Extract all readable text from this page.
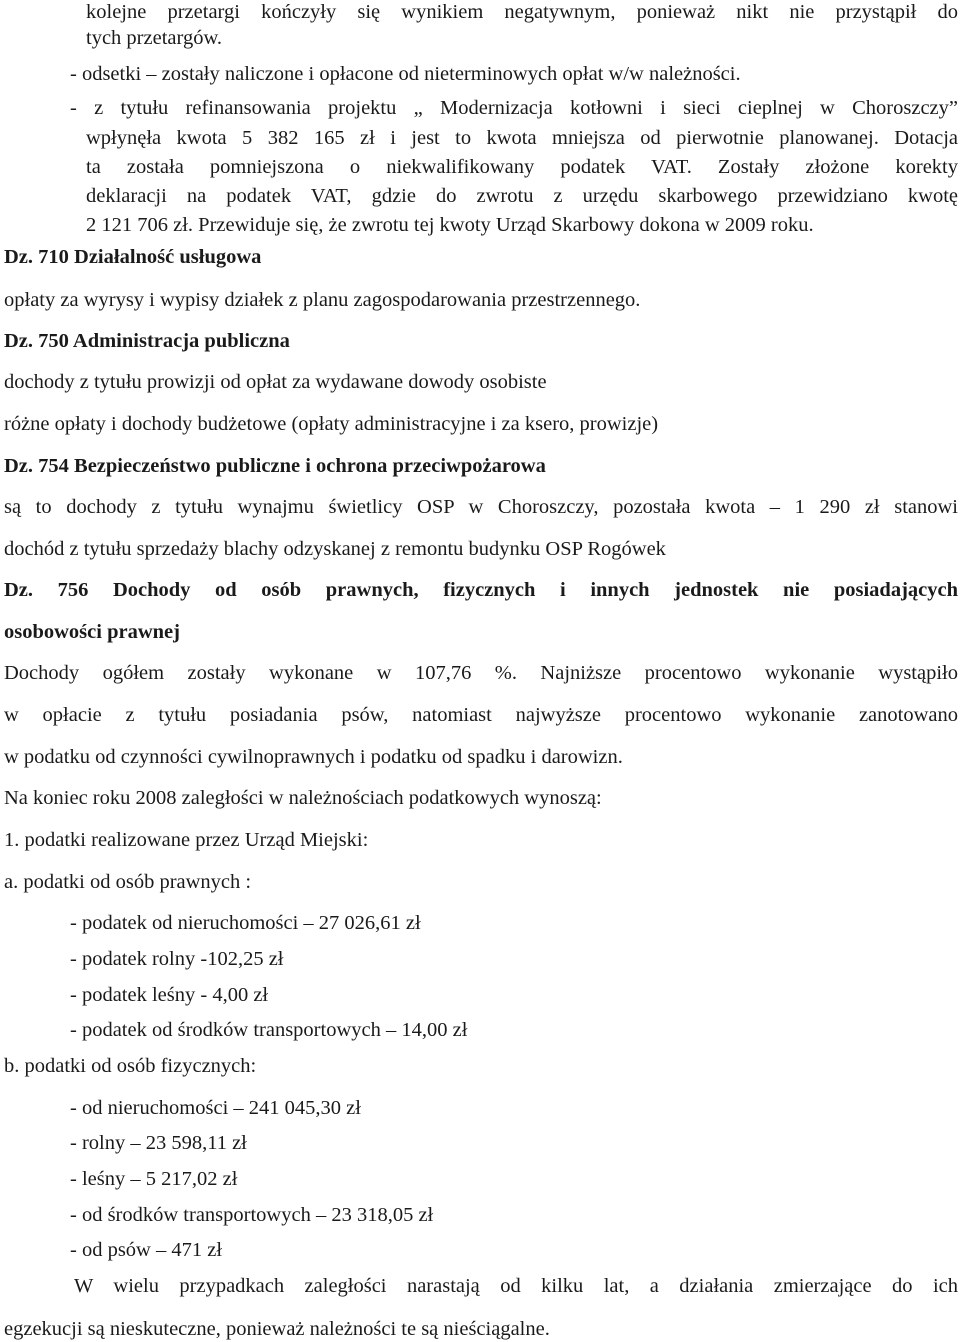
kolejne przetargi kończyły się wynikiem negatywnym, ponieważ nikt nie przystąpił do
tych przetargów.
- odsetki – zostały naliczone i opłacone od nieterminowych opłat w/w należności.
- z tytułu refinansowania projektu „ Modernizacja kotłowni i sieci cieplnej w Choroszczy”
wpłynęła kwota 5 382 165 zł i jest to kwota mniejsza od pierwotnie planowanej. Dotacja
ta została pomniejszona o niekwalifikowany podatek VAT. Zostały złożone korekty
deklaracji na podatek VAT, gdzie do zwrotu z urzędu skarbowego przewidziano kwotę
2 121 706 zł. Przewiduje się, że zwrotu tej kwoty Urząd Skarbowy dokona w 2009 roku.
Dz. 710 Działalność usługowa
opłaty za wyrysy i wypisy działek z planu zagospodarowania przestrzennego.
Dz. 750 Administracja publiczna
dochody z tytułu prowizji od opłat za wydawane dowody osobiste
różne opłaty i dochody budżetowe (opłaty administracyjne i za ksero, prowizje)
Dz. 754 Bezpieczeństwo publiczne i ochrona przeciwpożarowa
są to dochody z tytułu wynajmu świetlicy OSP w Choroszczy, pozostała kwota – 1 290 zł stanowi
dochód z tytułu sprzedaży blachy odzyskanej z remontu budynku OSP Rogówek
Dz. 756 Dochody od osób prawnych, fizycznych i innych jednostek nie posiadających
osobowości prawnej
Dochody ogółem zostały wykonane w 107,76 %. Najniższe procentowo wykonanie wystąpiło
w opłacie z tytułu posiadania psów, natomiast najwyższe procentowo wykonanie zanotowano
w podatku od czynności cywilnoprawnych i podatku od spadku i darowizn.
Na koniec roku 2008 zaległości w należnościach podatkowych wynoszą:
1. podatki realizowane przez Urząd Miejski:
a. podatki od osób prawnych :
- podatek od nieruchomości – 27 026,61 zł
- podatek rolny -102,25 zł
- podatek leśny - 4,00 zł
- podatek od środków transportowych – 14,00 zł
b. podatki od osób fizycznych:
- od nieruchomości – 241 045,30 zł
- rolny – 23 598,11 zł
- leśny – 5 217,02 zł
- od środków transportowych – 23 318,05 zł
- od psów – 471 zł
W wielu przypadkach zaległości narastają od kilku lat, a działania zmierzające do ich
egzekucji są nieskuteczne, ponieważ należności te są nieściągalne.
